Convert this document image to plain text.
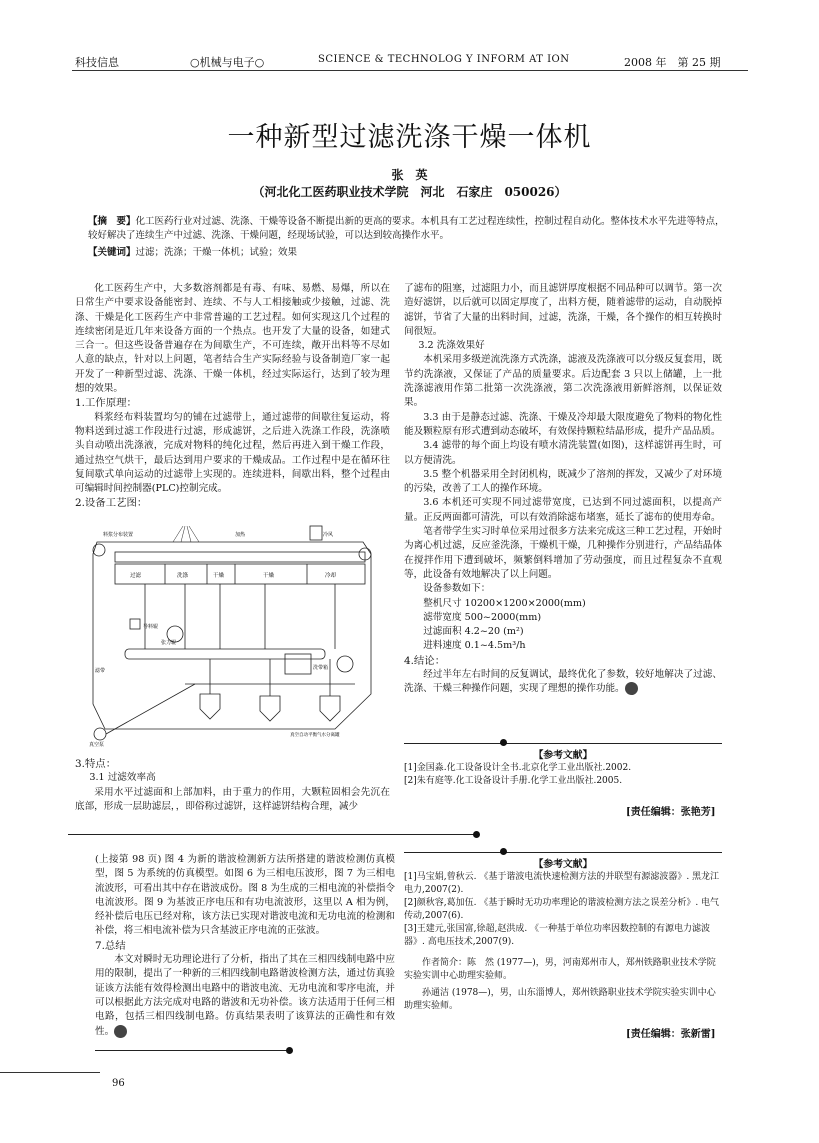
科技信息	○机械与电子○	SCIENCE & TECHNOLOG Y INFORM AT ION	2008 年　第 25 期
一种新型过滤洗涤干燥一体机
张　英
（河北化工医药职业技术学院　河北　石家庄　050026）
【摘　要】化工医药行业对过滤、洗涤、干燥等设备不断提出新的更高的要求。本机具有工艺过程连续性，控制过程自动化。整体技术水平先进等特点，较好解决了连续生产中过滤、洗涤、干燥问题，经现场试验，可以达到较高操作水平。
【关键词】过滤；洗涤；干燥一体机；试验；效果

化工医药生产中，大多数溶剂都是有毒、有味、易燃、易爆，所以在日常生产中要求设备能密封、连续、不与人工相接触或少接触，过滤、洗涤、干燥是化工医药生产中非常普遍的工艺过程。如何实现这几个过程的连续密闭是近几年来设备方面的一个热点。也开发了大量的设备，如建式三合一。但这些设备普遍存在为间歇生产，不可连续，敞开出料等不尽如人意的缺点，针对以上问题，笔者结合生产实际经验与设备制造厂家一起开发了一种新型过滤、洗涤、干燥一体机，经过实际运行，达到了较为理想的效果。

1.工作原理：

料浆经布料装置均匀的铺在过滤带上，通过滤带的间歇往复运动，将物料送到过滤工作段进行过滤，形成滤饼，之后进入洗涤工作段，洗涤喷头自动喷出洗涤液，完成对物料的纯化过程，然后再进入到干燥工作段，通过热空气烘干，最后达到用户要求的干燥成品。工作过程中是在循环往复间歇式单向运动的过滤带上实现的。连续进料，间歇出料，整个过程由可编辑时间控制器(PLC)控制完成。

2.设备工艺图：

料浆分布装置	加热	冷风
过滤	洗涤	干燥	干燥	冷却
导料辊
滤带
张力辊
洗带箱
真空泵
真空自动平衡气水分离罐

3.特点：

3.1 过滤效率高

采用水平过滤面和上部加料，由于重力的作用，大颗粒固相会先沉在底部，形成一层助滤层，，即俗称过滤饼，这样滤饼结构合理，减少

了滤布的阻塞，过滤阻力小，而且滤饼厚度根据不同品种可以调节。第一次造好滤饼，以后就可以固定厚度了，出料方便，随着滤带的运动，自动脱掉滤饼，节省了大量的出料时间，过滤，洗涤，干燥，各个操作的相互转换时间很短。

3.2 洗涤效果好

本机采用多级逆流洗涤方式洗涤，滤液及洗涤液可以分级反复套用，既节约洗涤液，又保证了产品的质量要求。后边配套 3 只以上储罐，上一批洗涤滤液用作第二批第一次洗涤液，第二次洗涤液用新鲜溶剂，以保证效果。

3.3 由于是静态过滤、洗涤、干燥及冷却最大限度避免了物料的物化性能及颗粒原有形式遭到动态破坏，有效保持颗粒结晶形成，提升产品品质。

3.4 滤带的每个面上均设有喷水清洗装置(如图)，这样滤饼再生时，可以方便清洗。

3.5 整个机器采用全封闭机构，既减少了溶剂的挥发，又减少了对环境的污染，改善了工人的操作环境。

3.6 本机还可实现不同过滤带宽度，已达到不同过滤面积，以提高产量。正反两面都可清洗，可以有效消除滤布堵塞，延长了滤布的使用寿命。

笔者带学生实习时单位采用过很多方法来完成这三种工艺过程，开始时为离心机过滤，反应釜洗涤，干燥机干燥，几种操作分别进行，产品结晶体在搅拌作用下遭到破坏，频繁倒料增加了劳动强度，而且过程复杂不直观等，此设备有效地解决了以上问题。

设备参数如下：

整机尺寸 10200×1200×2000(mm)

滤带宽度 500~2000(mm)

过滤面积 4.2~20 (m²)

进料速度 0.1~4.5m³/h

4.结论：

经过半年左右时间的反复调试，最终优化了参数，较好地解决了过滤、洗涤、干燥三种操作问题，实现了理想的操作功能。 科

【参考文献】
[1]金国淼.化工设备设计全书.北京化学工业出版社.2002.
[2]朱有庭等.化工设备设计手册.化学工业出版社.2005.
[责任编辑：张艳芳]

(上接第 98 页) 图 4 为新的谐波检测新方法所搭建的谐波检测仿真模型，图 5 为系统的仿真模型。如图 6 为三相电压波形，图 7 为三相电流波形，可看出其中存在谐波成份。图 8 为生成的三相电流的补偿指令电流波形。图 9 为基波正序电压和有功电流波形，这里以 A 相为例，经补偿后电压已经对称，该方法已实现对谐波电流和无功电流的检测和补偿，将三相电流补偿为只含基波正序电流的正弦波。

7.总结

本文对瞬时无功理论进行了分析，指出了其在三相四线制电路中应用的限制，提出了一种新的三相四线制电路谐波检测方法，通过仿真验证该方法能有效得检测出电路中的谐波电流、无功电流和零序电流，并可以根据此方法完成对电路的谐波和无功补偿。该方法适用于任何三相电路，包括三相四线制电路。仿真结果表明了该算法的正确性和有效性。 科

【参考文献】
[1]马宝娟,曾秋云. 《基于谐波电流快速检测方法的并联型有源滤波器》. 黑龙江电力,2007(2).
[2]颜秋容,葛加伍. 《基于瞬时无功功率理论的谐波检测方法之误差分析》. 电气传动,2007(6).
[3]王建元,张国富,徐超,赵洪成. 《一种基于单位功率因数控制的有源电力滤波器》. 高电压技术,2007(9).
作者简介：陈　然 (1977—)，男，河南郑州市人，郑州铁路职业技术学院实验实训中心助理实验师。
孙通洁 (1978—)，男，山东淄博人，郑州铁路职业技术学院实验实训中心助理实验师。
[责任编辑：张新雷]
96
